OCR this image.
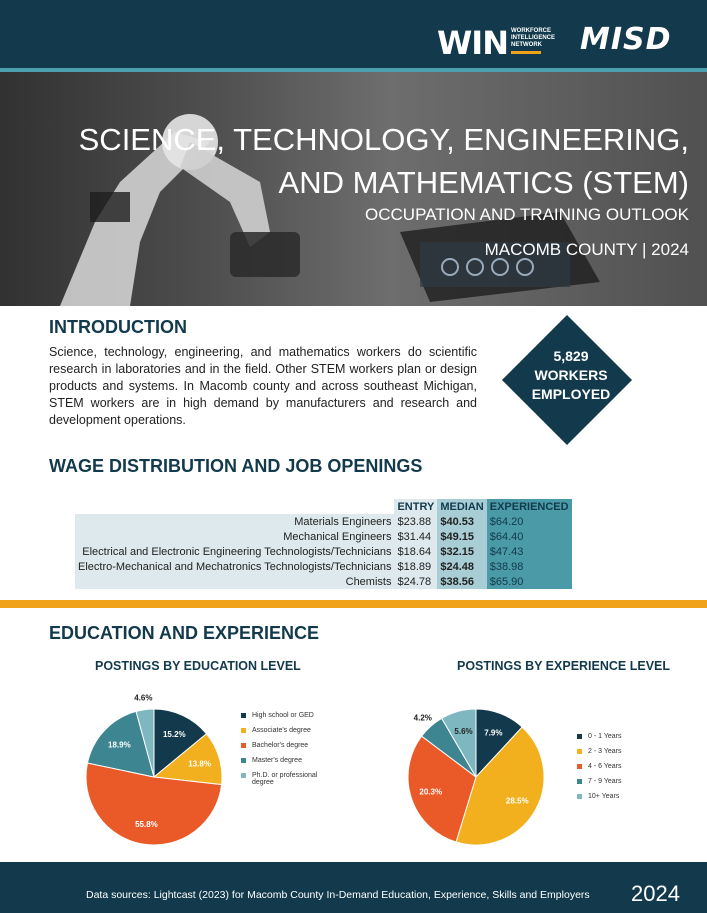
WIN WORKFORCE
INTELLIGENCE
NETWORK	MISD
SCIENCE, TECHNOLOGY, ENGINEERING,
AND MATHEMATICS (STEM)
OCCUPATION AND TRAINING OUTLOOK
MACOMB COUNTY | 2024
INTRODUCTION

Science, technology, engineering, and mathematics workers do scientific research in laboratories and in the field. Other STEM workers plan or design products and systems. In Macomb county and across southeast Michigan, STEM workers are in high demand by manufacturers and research and development operations.

5,829
WORKERS
EMPLOYED
WAGE DISTRIBUTION AND JOB OPENINGS
	ENTRY	MEDIAN	EXPERIENCED
Materials Engineers	$23.88	$40.53	$64.20
Mechanical Engineers	$31.44	$49.15	$64.40
Electrical and Electronic Engineering Technologists/Technicians	$18.64	$32.15	$47.43
Electro-Mechanical and Mechatronics Technologists/Technicians	$18.89	$24.48	$38.98
Chemists	$24.78	$38.56	$65.90
EDUCATION AND EXPERIENCE
POSTINGS BY EDUCATION LEVEL
15.2%
13.8%
55.8%
18.9%
4.6%
High school or GED
Associate's degree
Bachelor's degree
Master's degree
Ph.D. or professional degree
POSTINGS BY EXPERIENCE LEVEL
7.9%
28.5%
20.3%
4.2%
5.6%
0 - 1 Years
2 - 3 Years
4 - 6 Years
7 - 9 Years
10+ Years
Data sources: Lightcast (2023) for Macomb County In-Demand Education, Experience, Skills and Employers 2024
